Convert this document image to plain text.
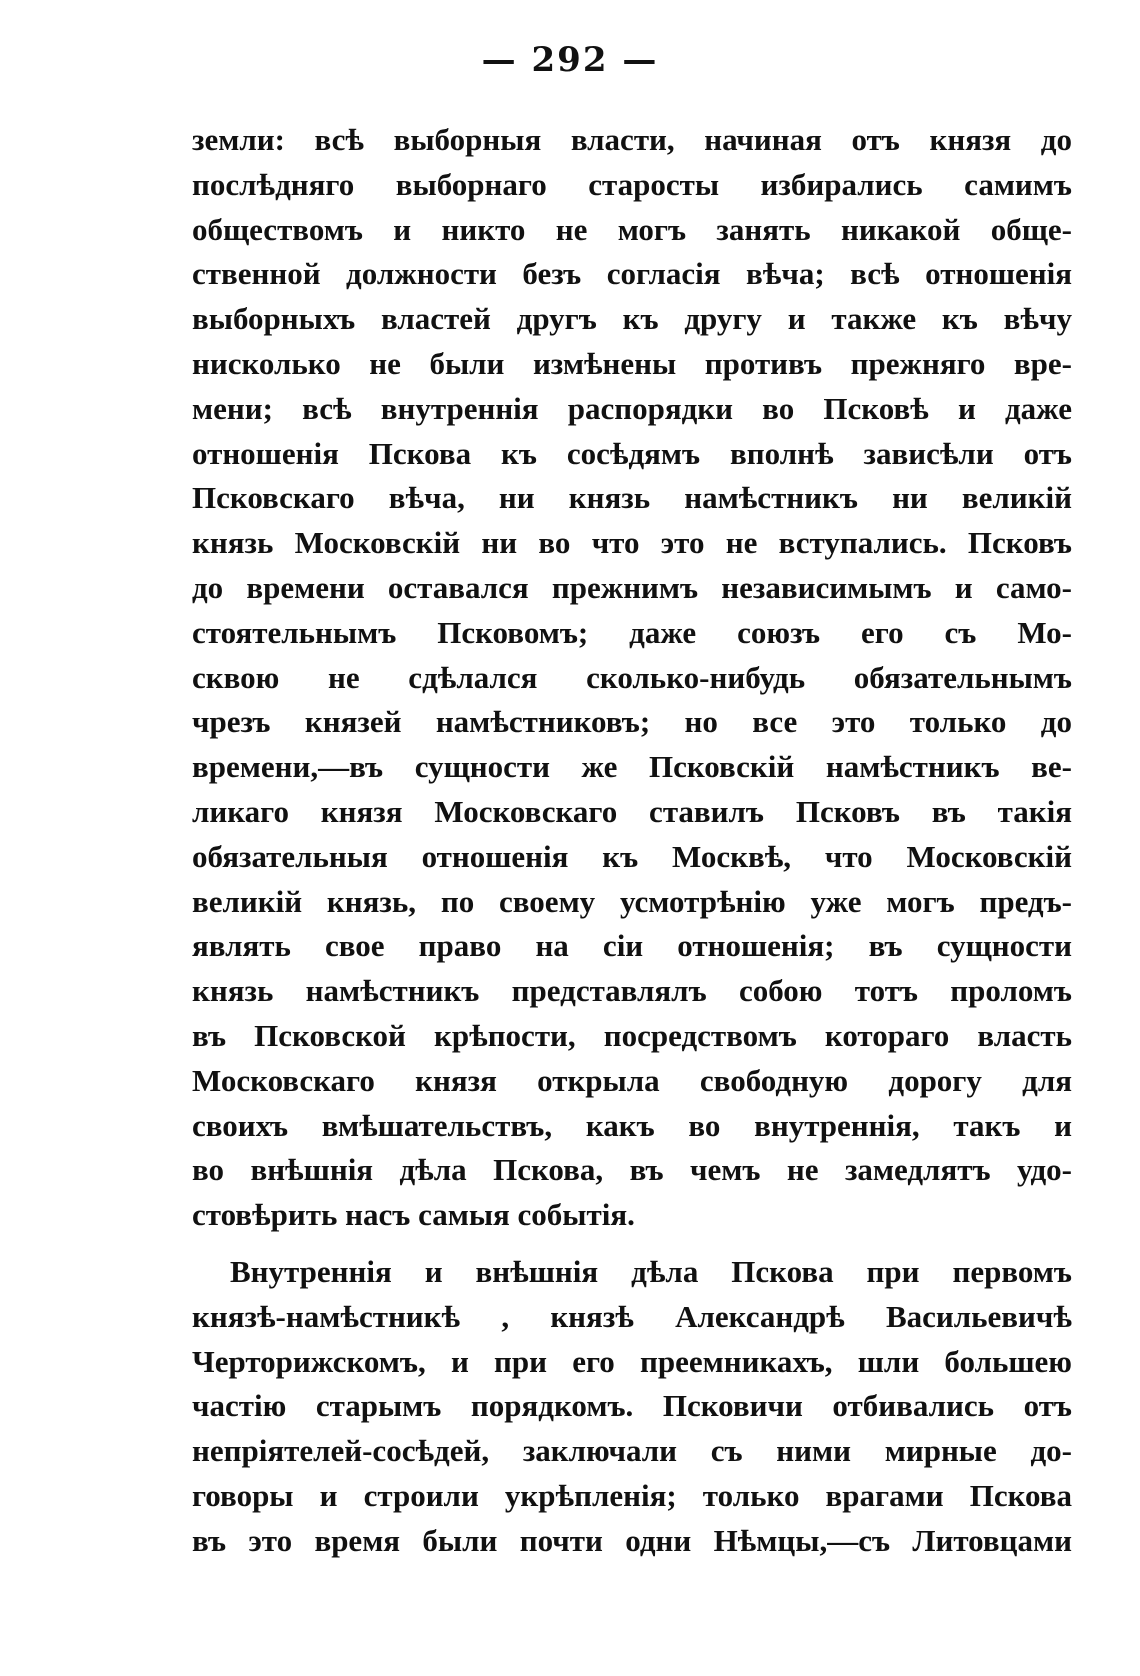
— 292 —
земли: всѣ выборныя власти, начиная отъ князя до
послѣдняго выборнаго старосты избирались самимъ
обществомъ и никто не могъ занять никакой обще-
ственной должности безъ согласія вѣча; всѣ отношенія
выборныхъ властей другъ къ другу и также къ вѣчу
нисколько не были измѣнены противъ прежняго вре-
мени; всѣ внутреннія распорядки во Псковѣ и даже
отношенія Пскова къ сосѣдямъ вполнѣ зависѣли отъ
Псковскаго вѣча, ни князь намѣстникъ ни великій
князь Московскій ни во что это не вступались. Псковъ
до времени оставался прежнимъ независимымъ и само-
стоятельнымъ Псковомъ; даже союзъ его съ Мо-
сквою не сдѣлался сколько-нибудь обязательнымъ
чрезъ князей намѣстниковъ; но все это только до
времени,—въ сущности же Псковскій намѣстникъ ве-
ликаго князя Московскаго ставилъ Псковъ въ такія
обязательныя отношенія къ Москвѣ, что Московскій
великій князь, по своему усмотрѣнію уже могъ предъ-
являть свое право на сіи отношенія; въ сущности
князь намѣстникъ представлялъ собою тотъ проломъ
въ Псковской крѣпости, посредствомъ котораго власть
Московскаго князя открыла свободную дорогу для
своихъ вмѣшательствъ, какъ во внутреннія, такъ и
во внѣшнія дѣла Пскова, въ чемъ не замедлятъ удо-
стовѣрить насъ самыя событія.
Внутреннія и внѣшнія дѣла Пскова при первомъ
князѣ-намѣстникѣ , князѣ Александрѣ Васильевичѣ
Черторижскомъ, и при его преемникахъ, шли большею
частію старымъ порядкомъ. Псковичи отбивались отъ
непріятелей-сосѣдей, заключали съ ними мирные до-
говоры и строили укрѣпленія; только врагами Пскова
въ это время были почти одни Нѣмцы,—съ Литовцами
